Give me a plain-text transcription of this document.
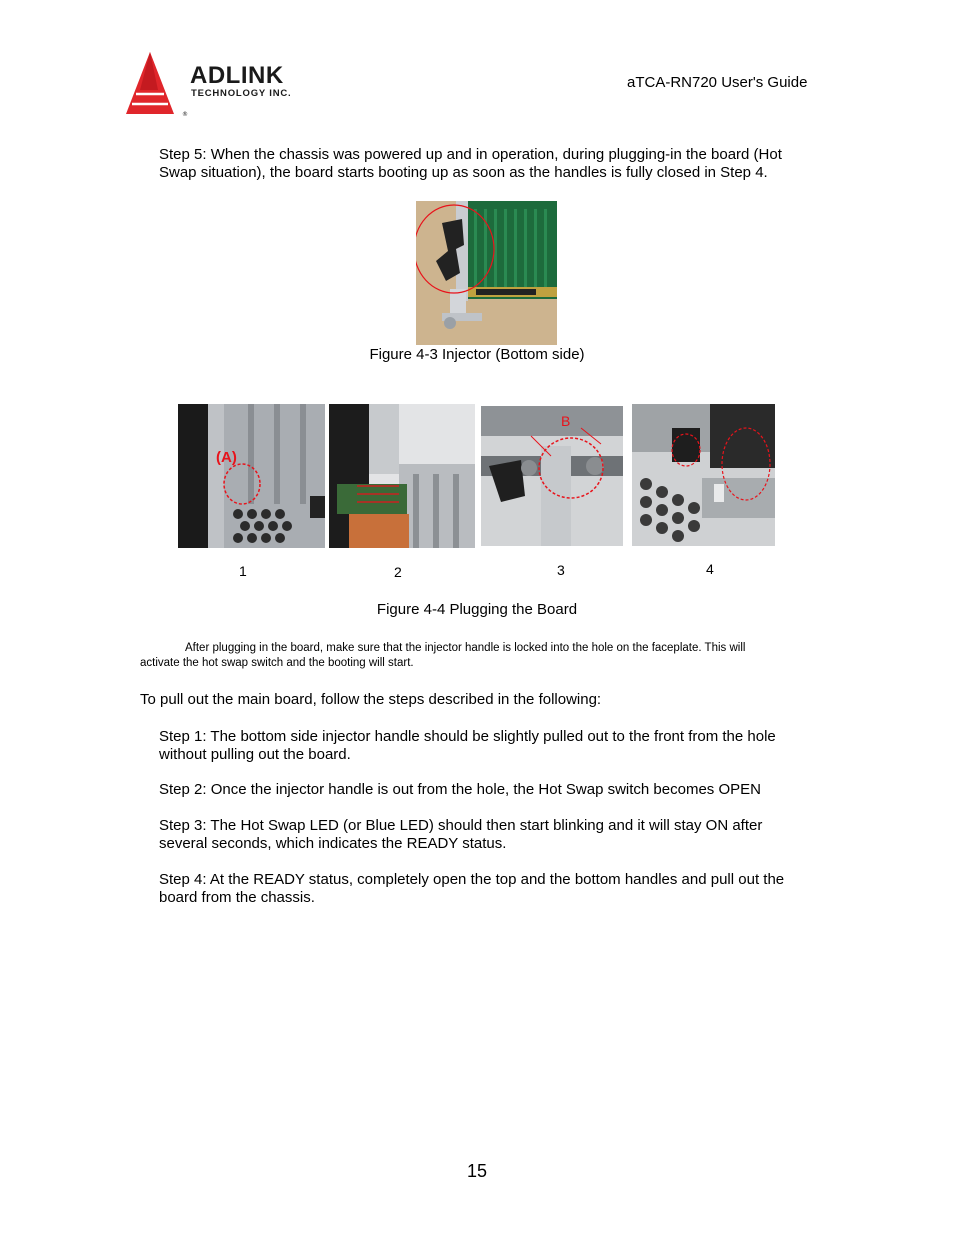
®
ADLINK
TECHNOLOGY INC.
aTCA-RN720 User's Guide
Step 5: When the chassis was powered up and in operation, during plugging-in the board (Hot
Swap situation), the board starts booting up as soon as the handles is fully closed in Step 4.
Figure 4-3 Injector (Bottom side)
(A)
B
1	2	3	4
Figure 4-4 Plugging the Board
After plugging in the board, make sure that the injector handle is locked into the hole on the faceplate. This will
activate the hot swap switch and the booting will start.
To pull out the main board, follow the steps described in the following:
Step 1: The bottom side injector handle should be slightly pulled out to the front from the hole
without pulling out the board.
Step 2: Once the injector handle is out from the hole, the Hot Swap switch becomes OPEN
Step 3: The Hot Swap LED (or Blue LED) should then start blinking and it will stay ON after
several seconds, which indicates the READY status.
Step 4: At the READY status, completely open the top and the bottom handles and pull out the
board from the chassis.
15
